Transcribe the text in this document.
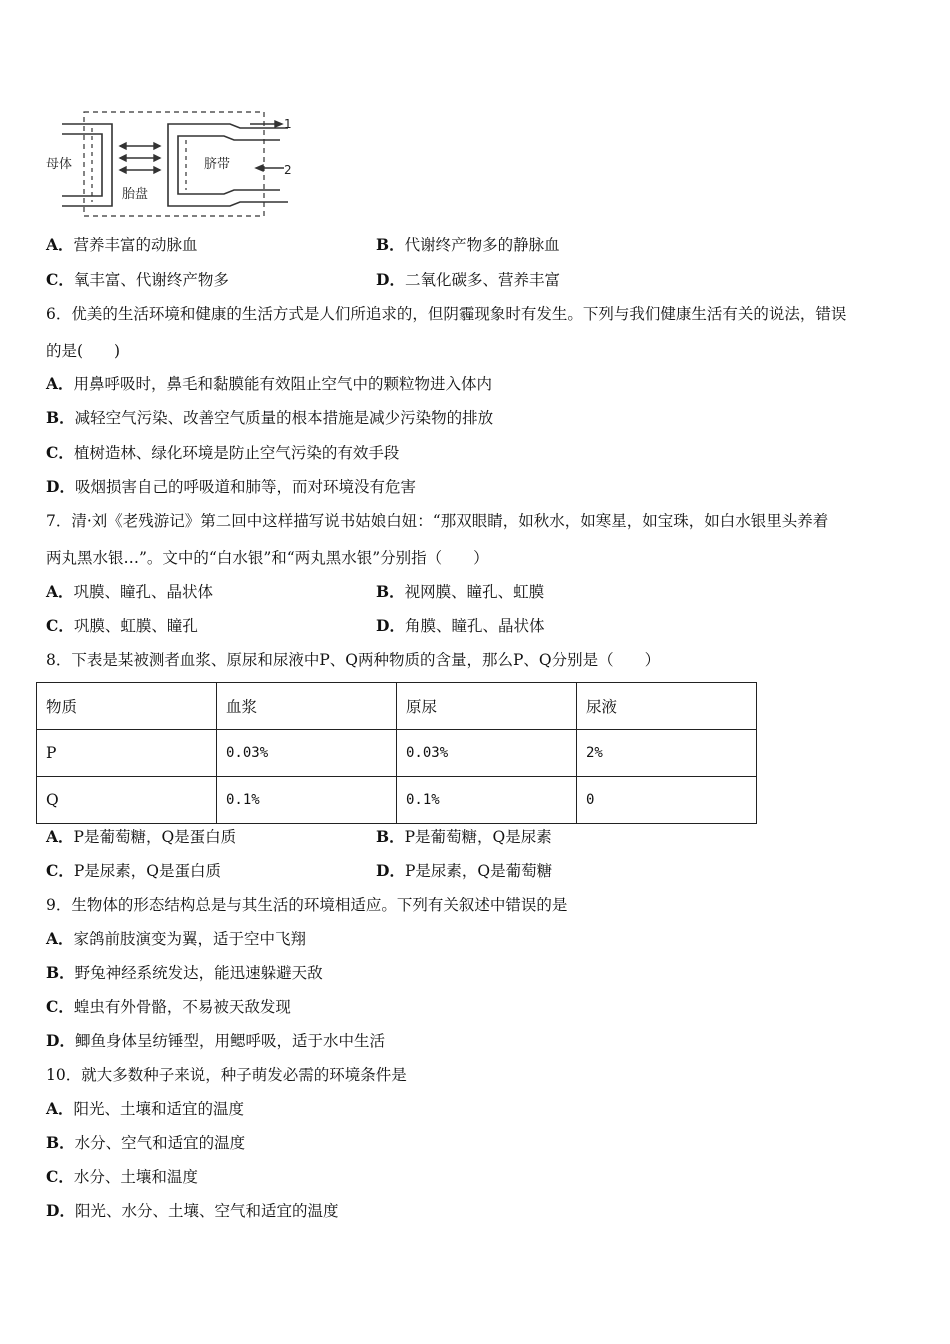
母体
胎盘
脐带
1
2
A．营养丰富的动脉血	B．代谢终产物多的静脉血
C．氧丰富、代谢终产物多	D．二氧化碳多、营养丰富
6．优美的生活环境和健康的生活方式是人们所追求的，但阴霾现象时有发生。下列与我们健康生活有关的说法，错误
的是(　　)
A．用鼻呼吸时，鼻毛和黏膜能有效阻止空气中的颗粒物进入体内
B．减轻空气污染、改善空气质量的根本措施是减少污染物的排放
C．植树造林、绿化环境是防止空气污染的有效手段
D．吸烟损害自己的呼吸道和肺等，而对环境没有危害
7．清·刘《老残游记》第二回中这样描写说书姑娘白妞：“那双眼睛，如秋水，如寒星，如宝珠，如白水银里头养着
两丸黑水银…”。文中的“白水银”和“两丸黑水银”分别指（　　）
A．巩膜、瞳孔、晶状体	B．视网膜、瞳孔、虹膜
C．巩膜、虹膜、瞳孔	D．角膜、瞳孔、晶状体
8．下表是某被测者血浆、原尿和尿液中P、Q两种物质的含量，那么P、Q分别是（　　）
物质	血浆	原尿	尿液
P	0.03%	0.03%	2%
Q	0.1%	0.1%	0
A．P是葡萄糖，Q是蛋白质	B．P是葡萄糖，Q是尿素
C．P是尿素，Q是蛋白质	D．P是尿素，Q是葡萄糖
9．生物体的形态结构总是与其生活的环境相适应。下列有关叙述中错误的是
A．家鸽前肢演变为翼，适于空中飞翔
B．野兔神经系统发达，能迅速躲避天敌
C．蝗虫有外骨骼，不易被天敌发现
D．鲫鱼身体呈纺锤型，用鳃呼吸，适于水中生活
10．就大多数种子来说，种子萌发必需的环境条件是
A．阳光、土壤和适宜的温度
B．水分、空气和适宜的温度
C．水分、土壤和温度
D．阳光、水分、土壤、空气和适宜的温度
